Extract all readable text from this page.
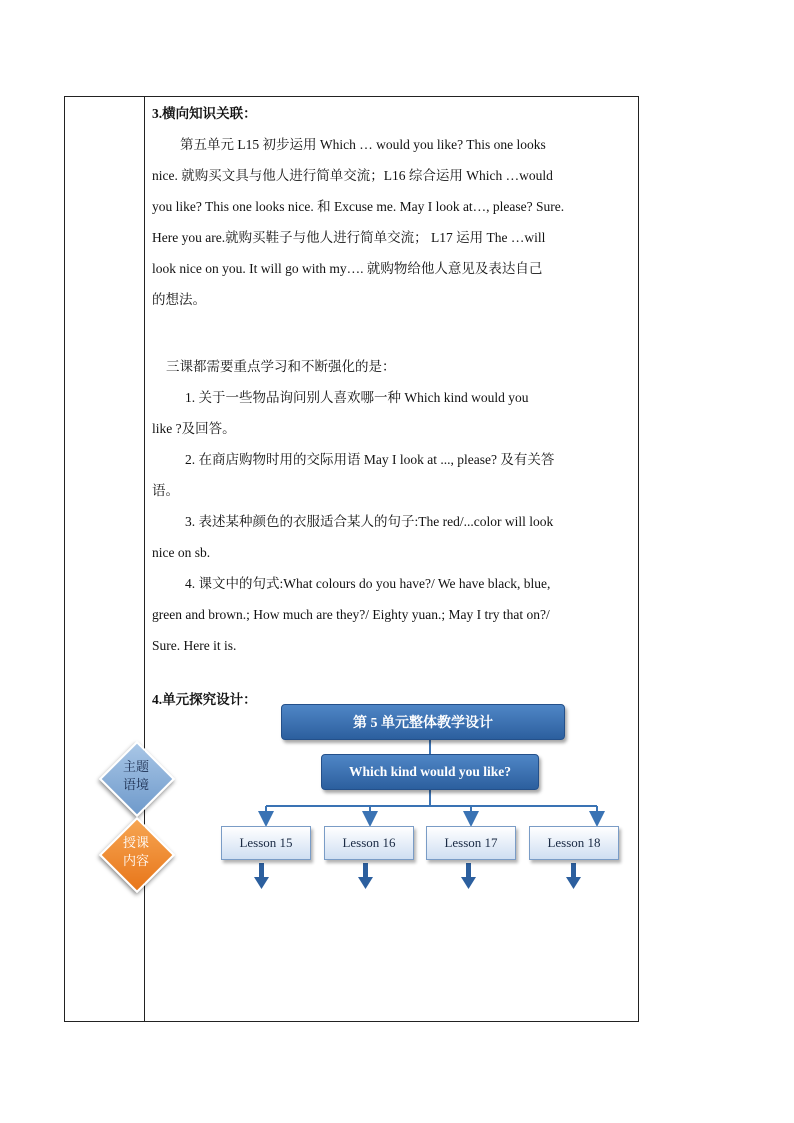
3.横向知识关联：
第五单元 L15 初步运用 Which … would you like? This one looks
nice. 就购买文具与他人进行简单交流；L16 综合运用 Which …would
you like? This one looks nice. 和 Excuse me. May I look at…, please? Sure.
Here you are.就购买鞋子与他人进行简单交流； L17 运用 The …will
look nice on you. It will go with my…. 就购物给他人意见及表达自己
的想法。
三课都需要重点学习和不断强化的是：
1. 关于一些物品询问别人喜欢哪一种 Which kind would you
like ?及回答。
2. 在商店购物时用的交际用语 May I look at ..., please? 及有关答
语。
3. 表述某种颜色的衣服适合某人的句子:The red/...color will look
nice on sb.
4. 课文中的句式:What colours do you have?/ We have black, blue,
green and brown.; How much are they?/ Eighty yuan.; May I try that on?/
Sure. Here it is.
4.单元探究设计：
第 5 单元整体教学设计
Which kind would you like?
Lesson 15	Lesson 16	Lesson 17	Lesson 18
主题
语境
授课
内容
